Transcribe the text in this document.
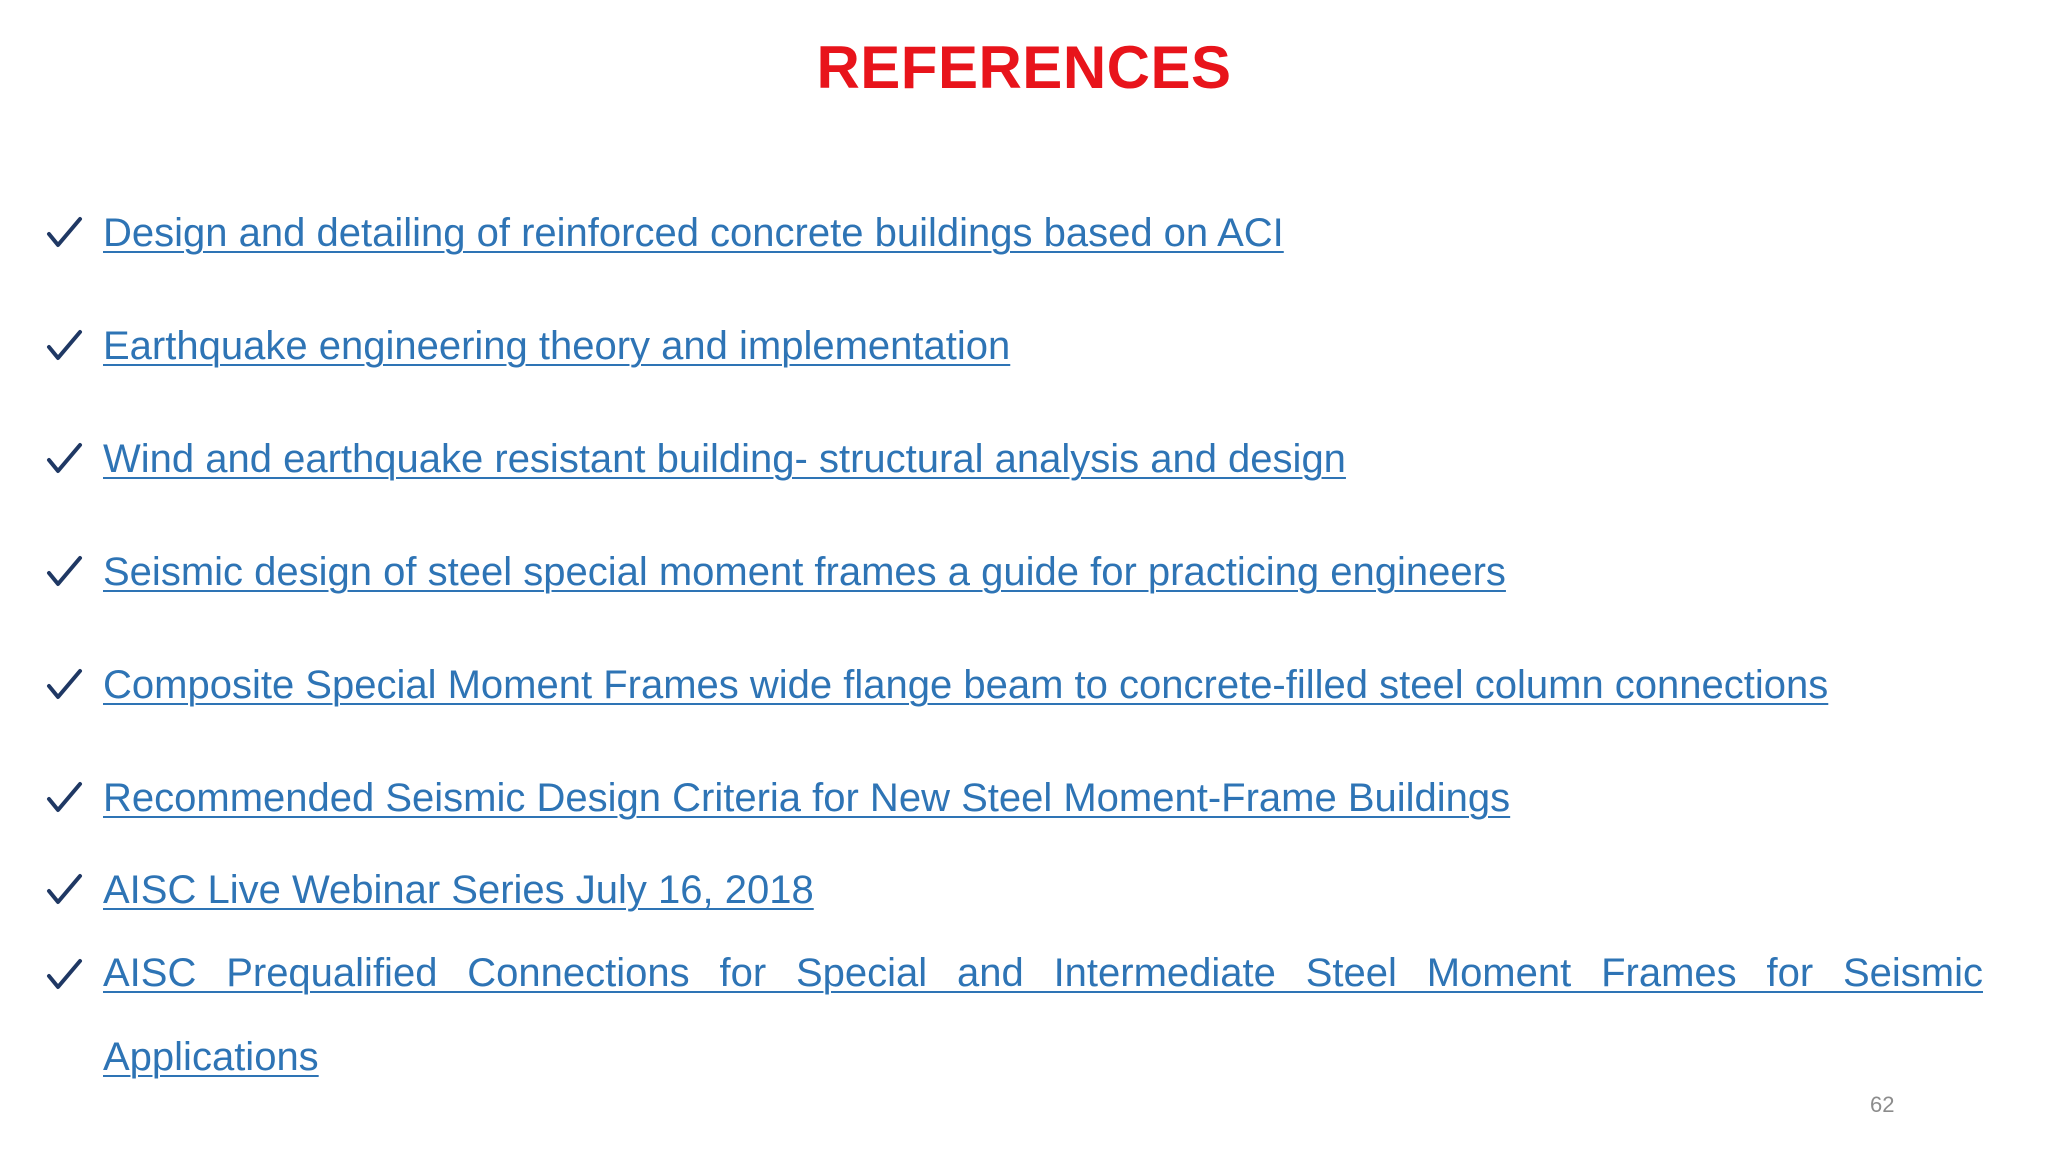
REFERENCES
Design and detailing of reinforced concrete buildings based on ACI
Earthquake engineering theory and implementation
Wind and earthquake resistant building- structural analysis and design
Seismic design of steel special moment frames a guide for practicing engineers
Composite Special Moment Frames wide flange beam to concrete-filled steel column connections
Recommended Seismic Design Criteria for New Steel Moment-Frame Buildings
AISC Live Webinar Series July 16, 2018
AISC Prequalified Connections for Special and Intermediate Steel Moment Frames for Seismic Applications
62
